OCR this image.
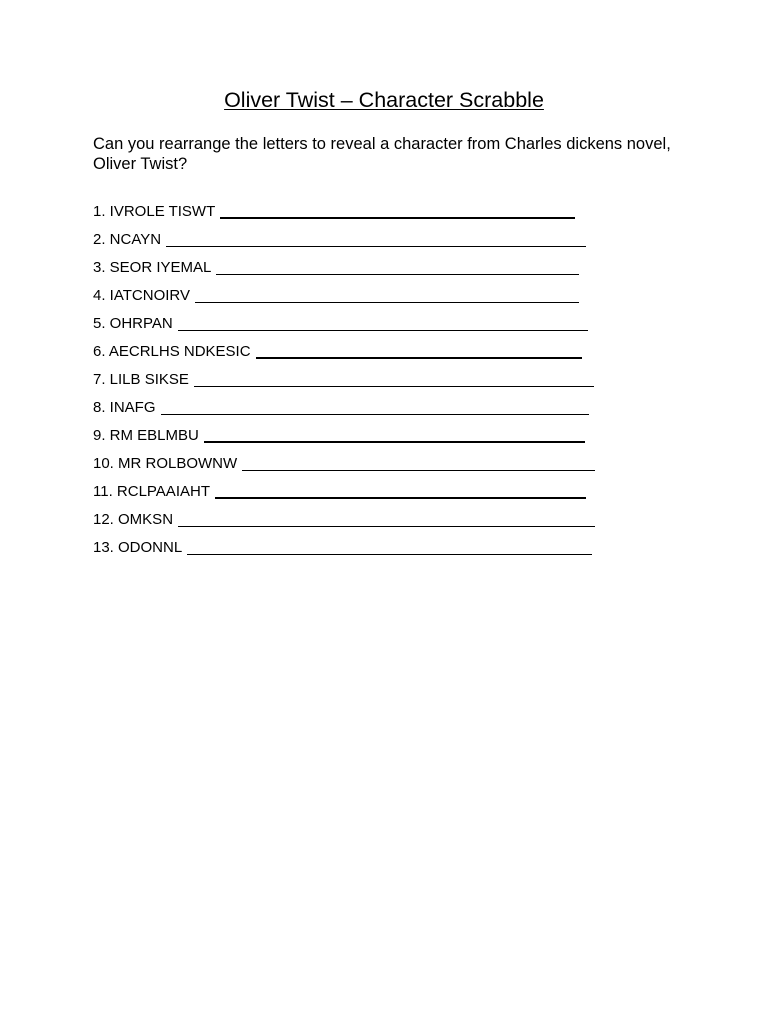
Oliver Twist – Character Scrabble
Can you rearrange the letters to reveal a character from Charles dickens novel, Oliver Twist?
1. IVROLE TISWT
2. NCAYN
3. SEOR IYEMAL
4. IATCNOIRV
5. OHRPAN
6. AECRLHS NDKESIC
7. LILB SIKSE
8. INAFG
9. RM EBLMBU
10. MR ROLBOWNW
11. RCLPAAIAHT
12. OMKSN
13. ODONNL
